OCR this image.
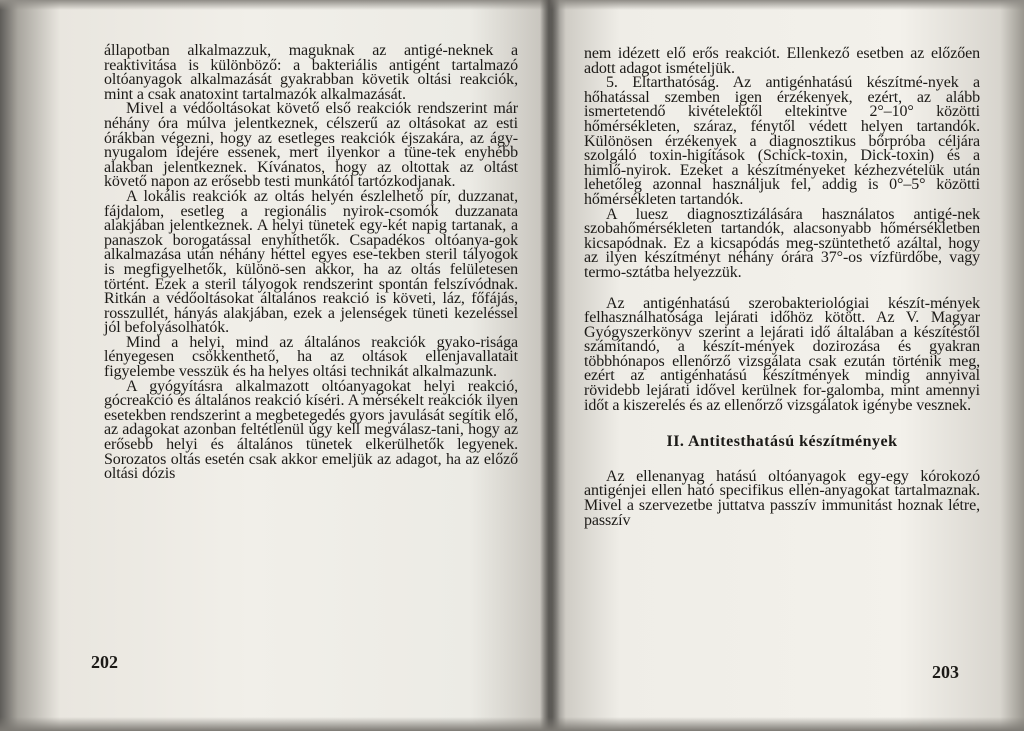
állapotban alkalmazzuk, maguknak az antigé-neknek a reaktivitása is különböző: a bakteriális antigént tartalmazó oltóanyagok alkalmazását gyakrabban követik oltási reakciók, mint a csak anatoxint tartalmazók alkalmazását.

Mivel a védőoltásokat követő első reakciók rendszerint már néhány óra múlva jelentkeznek, célszerű az oltásokat az esti órákban végezni, hogy az esetleges reakciók éjszakára, az ágy-nyugalom idejére essenek, mert ilyenkor a tüne-tek enyhébb alakban jelentkeznek. Kívánatos, hogy az oltottak az oltást követő napon az erősebb testi munkától tartózkodjanak.

A lokális reakciók az oltás helyén észlelhető pír, duzzanat, fájdalom, esetleg a regionális nyirok-csomók duzzanata alakjában jelentkeznek. A helyi tünetek egy-két napig tartanak, a panaszok borogatással enyhíthetők. Csapadékos oltóanya-gok alkalmazása után néhány héttel egyes ese-tekben steril tályogok is megfigyelhetők, különö-sen akkor, ha az oltás felületesen történt. Ezek a steril tályogok rendszerint spontán felszívódnak. Ritkán a védőoltásokat általános reakció is követi, láz, főfájás, rosszullét, hányás alakjában, ezek a jelenségek tüneti kezeléssel jól befolyásolhatók.

Mind a helyi, mind az általános reakciók gyako-risága lényegesen csökkenthető, ha az oltások ellenjavallatait figyelembe vesszük és ha helyes oltási technikát alkalmazunk.

A gyógyításra alkalmazott oltóanyagokat helyi reakció, gócreakció és általános reakció kíséri. A mérsékelt reakciók ilyen esetekben rendszerint a megbetegedés gyors javulását segítik elő, az adagokat azonban feltétlenül úgy kell megválasz-tani, hogy az erősebb helyi és általános tünetek elkerülhetők legyenek. Sorozatos oltás esetén csak akkor emeljük az adagot, ha az előző oltási dózis

202

nem idézett elő erős reakciót. Ellenkező esetben az előzően adott adagot ismételjük.

5. Eltarthatóság. Az antigénhatású készítmé-nyek a hőhatással szemben igen érzékenyek, ezért, az alább ismertetendő kivételektől eltekintve 2°–10° közötti hőmérsékleten, száraz, fénytől védett helyen tartandók. Különösen érzékenyek a diagnosztikus bőrpróba céljára szolgáló toxin-higítások (Schick-toxin, Dick-toxin) és a himlő-nyirok. Ezeket a készítményeket kézhezvételük után lehetőleg azonnal használjuk fel, addig is 0°–5° közötti hőmérsékleten tartandók.

A luesz diagnosztizálására használatos antigé-nek szobahőmérsékleten tartandók, alacsonyabb hőmérsékletben kicsapódnak. Ez a kicsapódás meg-szüntethető azáltal, hogy az ilyen készítményt néhány órára 37°-os vízfürdőbe, vagy termo-sztátba helyezzük.

Az antigénhatású szerobakteriológiai készít-mények felhasználhatósága lejárati időhöz kötött. Az V. Magyar Gyógyszerkönyv szerint a lejárati idő általában a készítéstől számítandó, a készít-mények dozirozása és gyakran többhónapos ellenőrző vizsgálata csak ezután történik meg, ezért az antigénhatású készítmények mindig annyival rövidebb lejárati idővel kerülnek for-galomba, mint amennyi időt a kiszerelés és az ellenőrző vizsgálatok igénybe vesznek.

II. Antitesthatású készítmények

Az ellenanyag hatású oltóanyagok egy-egy kórokozó antigénjei ellen ható specifikus ellen-anyagokat tartalmaznak. Mivel a szervezetbe juttatva passzív immunitást hoznak létre, passzív

203
